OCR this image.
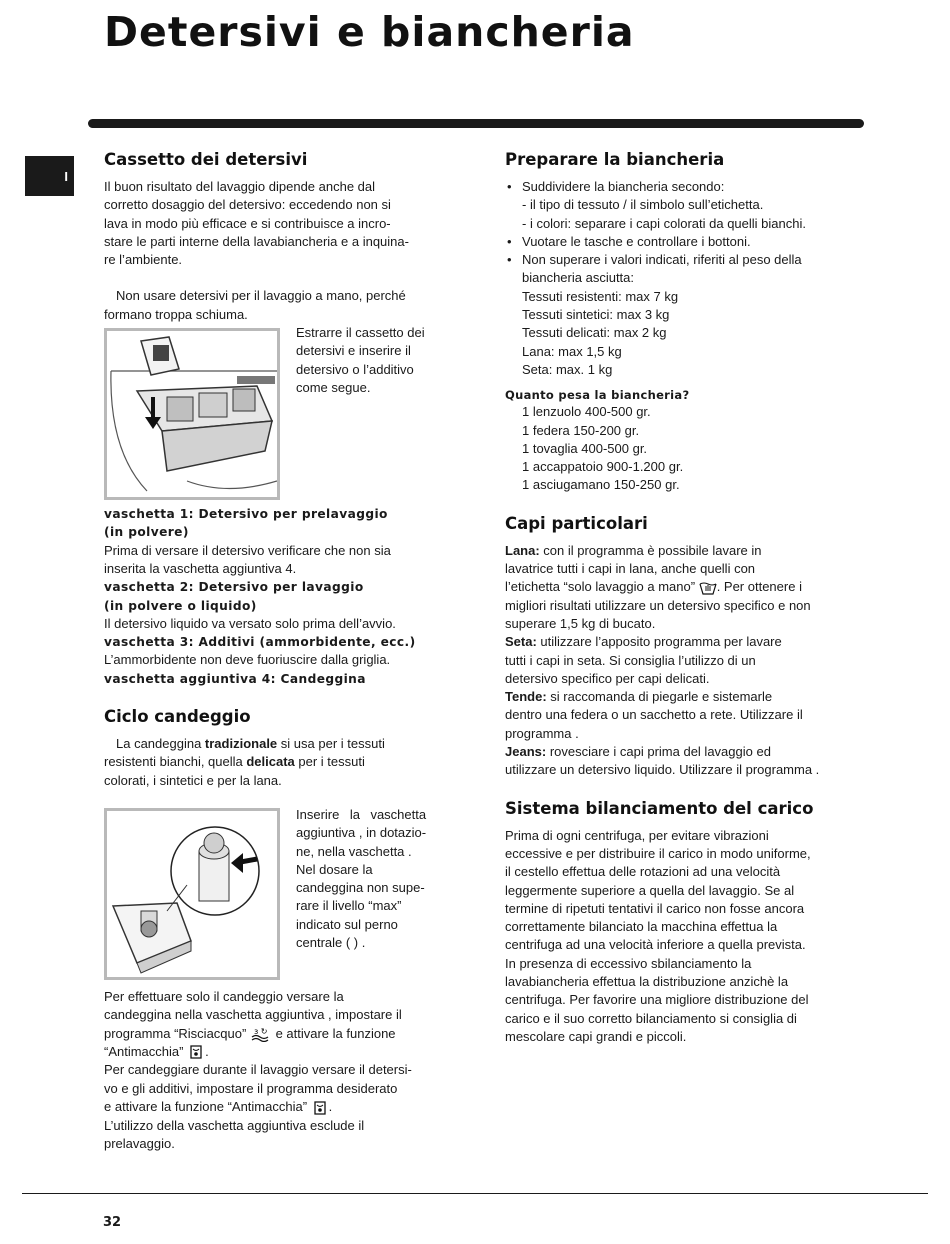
Detersivi e biancheria
I
Cassetto dei detersivi

Il buon risultato del lavaggio dipende anche dal

corretto dosaggio del detersivo: eccedendo non si

lava in modo più efficace e si contribuisce a incro-

stare le parti interne della lavabiancheria e a inquina-

re l’ambiente.

Non usare detersivi per il lavaggio a mano, perché

formano troppa schiuma.

Estrarre il cassetto dei

detersivi e inserire il

detersivo o l’additivo

come segue.

vaschetta 1: Detersivo per prelavaggio

(in polvere)

Prima di versare il detersivo verificare che non sia

inserita la vaschetta aggiuntiva 4.

vaschetta 2: Detersivo per lavaggio

(in polvere o liquido)

Il detersivo liquido va versato solo prima dell’avvio.

vaschetta 3: Additivi (ammorbidente, ecc.)

L’ammorbidente non deve fuoriuscire dalla griglia.

vaschetta aggiuntiva 4: Candeggina

Ciclo candeggio

La candeggina tradizionale si usa per i tessuti

resistenti bianchi, quella delicata per i tessuti

colorati, i sintetici e per la lana.

Inserire la vaschetta

aggiuntiva , in dotazio-

ne, nella vaschetta .

Nel dosare la

candeggina non supe-

rare il livello “max”

indicato sul perno

centrale ( ) .

Per effettuare solo il candeggio versare la

candeggina nella vaschetta aggiuntiva , impostare il

programma “Risciacquo” ɜ ↻ e attivare la funzione

“Antimacchia” .

Per candeggiare durante il lavaggio versare il detersi-

vo e gli additivi, impostare il programma desiderato

e attivare la funzione “Antimacchia” .

L’utilizzo della vaschetta aggiuntiva esclude il

prelavaggio.

Preparare la biancheria
• Suddividere la biancheria secondo:

- il tipo di tessuto / il simbolo sull’etichetta.

- i colori: separare i capi colorati da quelli bianchi.

• Vuotare le tasche e controllare i bottoni.
• Non superare i valori indicati, riferiti al peso della

biancheria asciutta:

Tessuti resistenti: max 7 kg

Tessuti sintetici: max 3 kg

Tessuti delicati: max 2 kg

Lana: max 1,5 kg

Seta: max. 1 kg

Quanto pesa la biancheria?

1 lenzuolo 400-500 gr.

1 federa 150-200 gr.

1 tovaglia 400-500 gr.

1 accappatoio 900-1.200 gr.

1 asciugamano 150-250 gr.

Capi particolari

Lana: con il programma è possibile lavare in

lavatrice tutti i capi in lana, anche quelli con

l’etichetta “solo lavaggio a mano” . Per ottenere i

migliori risultati utilizzare un detersivo specifico e non

superare 1,5 kg di bucato.

Seta: utilizzare l’apposito programma per lavare

tutti i capi in seta. Si consiglia l’utilizzo di un

detersivo specifico per capi delicati.

Tende: si raccomanda di piegarle e sistemarle

dentro una federa o un sacchetto a rete. Utilizzare il

programma .

Jeans: rovesciare i capi prima del lavaggio ed

utilizzare un detersivo liquido. Utilizzare il programma .

Sistema bilanciamento del carico

Prima di ogni centrifuga, per evitare vibrazioni

eccessive e per distribuire il carico in modo uniforme,

il cestello effettua delle rotazioni ad una velocità

leggermente superiore a quella del lavaggio. Se al

termine di ripetuti tentativi il carico non fosse ancora

correttamente bilanciato la macchina effettua la

centrifuga ad una velocità inferiore a quella prevista.

In presenza di eccessivo sbilanciamento la

lavabiancheria effettua la distribuzione anzichè la

centrifuga. Per favorire una migliore distribuzione del

carico e il suo corretto bilanciamento si consiglia di

mescolare capi grandi e piccoli.

32
